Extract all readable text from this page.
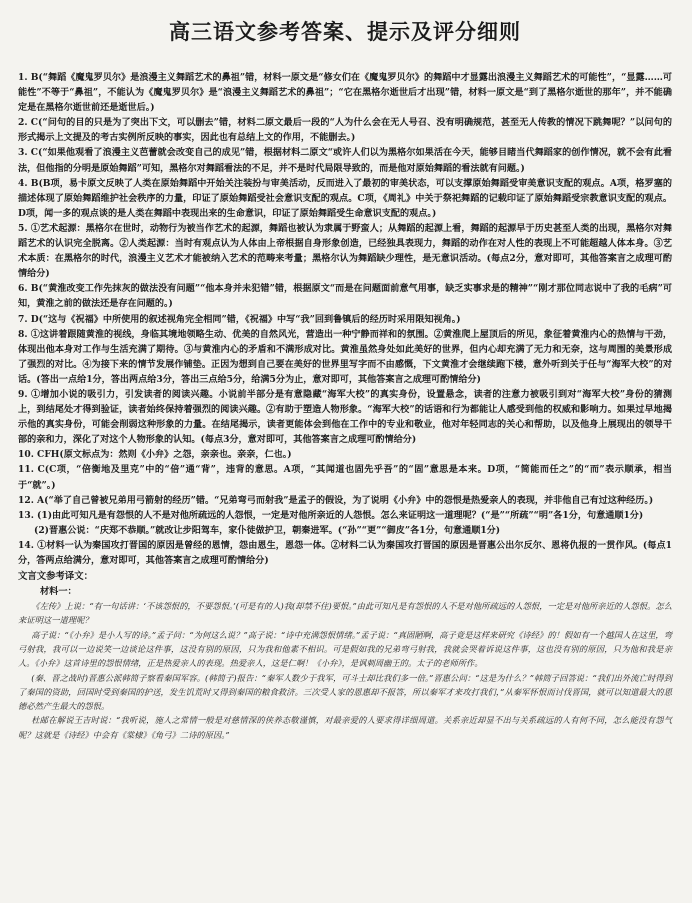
高三语文参考答案、提示及评分细则

1. B(“舞蹈《魔鬼罗贝尔》是浪漫主义舞蹈艺术的鼻祖”错，材料一原文是“修女们在《魔鬼罗贝尔》的舞蹈中才显露出浪漫主义舞蹈艺术的可能性”，“显露……可能性”不等于“鼻祖”，不能认为《魔鬼罗贝尔》是“浪漫主义舞蹈艺术的鼻祖”；“它在黑格尔逝世后才出现”错，材料一原文是“到了黑格尔逝世的那年”，并不能确定是在黑格尔逝世前还是逝世后。)

2. C(“问句的目的只是为了突出下文，可以删去”错，材料二原文最后一段的“人为什么会在无人号召、没有明确规范，甚至无人传教的情况下跳舞呢？”以问句的形式揭示上文提及的考古实例所反映的事实，因此也有总结上文的作用，不能删去。)

3. C(“如果他观看了浪漫主义芭蕾就会改变自己的成见”错，根据材料二原文“或许人们以为黑格尔如果活在今天，能够目睹当代舞蹈家的创作情况，就不会有此看法，但他指的分明是原始舞蹈”可知，黑格尔对舞蹈看法的不足，并不是时代局限导致的，而是他对原始舞蹈的看法就有问题。)

4. B(B项，易卡原文反映了人类在原始舞蹈中开始关注装扮与审美活动，反而进入了最初的审美状态，可以支撑原始舞蹈受审美意识支配的观点。A项，格罗塞的描述体现了原始舞蹈维护社会秩序的力量，印证了原始舞蹈受社会意识支配的观点。C项，《周礼》中关于祭祀舞蹈的记载印证了原始舞蹈受宗教意识支配的观点。D项，闻一多的观点谈的是人类在舞蹈中表现出来的生命意识，印证了原始舞蹈受生命意识支配的观点。)

5. ①艺术起源：黑格尔在世时，动物行为被当作艺术的起源，舞蹈也被认为隶属于野蛮人；从舞蹈的起源上看，舞蹈的起源早于历史甚至人类的出现，黑格尔对舞蹈艺术的认识完全脱离。②人类起源：当时有观点认为人体由上帝根据自身形象创造，已经独具表现力，舞蹈的动作在对人性的表现上不可能超越人体本身。③艺术本质：在黑格尔的时代，浪漫主义艺术才能被纳入艺术的范畴来考量；黑格尔认为舞蹈缺少理性，是无意识活动。(每点2分，意对即可，其他答案言之成理可酌情给分)

6. B(“黄淮改变工作先抹灰的做法没有问题”“他本身并未犯错”错，根据原文“而是在问题面前意气用事，缺乏实事求是的精神”“刚才那位同志说中了我的毛病”可知，黄淮之前的做法还是存在问题的。)

7. D(“这与《祝福》中所使用的叙述视角完全相同”错，《祝福》中写“我”回到鲁镇后的经历时采用限知视角。)

8. ①这讲着跟随黄淮的视线，身临其境地领略生动、优美的自然风光，营造出一种宁静而祥和的氛围。②黄淮爬上屋顶后的所见，象征着黄淮内心的热情与干劲，体现出他本身对工作与生活充满了期待。③与黄淮内心的矛盾和不满形成对比。黄淮虽然身处如此美好的世界，但内心却充满了无力和无奈，这与周围的美景形成了强烈的对比。④为接下来的情节发展作铺垫。正因为想到自己要在美好的世界里写字而不由感慨，下文黄淮才会继续跑下楼，意外听到关于任与“海军大校”的对话。(答出一点给1分，答出两点给3分，答出三点给5分，给满5分为止，意对即可，其他答案言之成理可酌情给分)

9. ①增加小说的吸引力，引发读者的阅读兴趣。小说前半部分是有意隐藏“海军大校”的真实身份，设置悬念，读者的注意力被吸引到对“海军大校”身份的猜测上，到结尾处才得到验证，读者始终保持着强烈的阅读兴趣。②有助于塑造人物形象。“海军大校”的话语和行为都能让人感受到他的权威和影响力。如果过早地揭示他的真实身份，可能会削弱这种形象的力量。在结尾揭示，读者更能体会到他在工作中的专业和敬业，他对年轻同志的关心和帮助，以及他身上展现出的领导干部的亲和力，深化了对这个人物形象的认知。(每点3分，意对即可，其他答案言之成理可酌情给分)

10. CFH(原文标点为：然则《小弁》之怨，亲亲也。亲亲，仁也。)

11. C(C项，“倍衡地及里克”中的“倍”通“背”，违背的意思。A项，“其闻道也固先乎吾”的“固”意思是本来。D项，“简能而任之”的“而”表示顺承，相当于“就”。)

12. A(“举了自己曾被兄弟用弓箭射的经历”错。“兄弟弯弓而射我”是孟子的假设，为了说明《小弁》中的怨恨是热爱亲人的表现，并非他自己有过这种经历。)

13. (1)由此可知凡是有怨恨的人不是对他所疏远的人怨恨，一定是对他所亲近的人怨恨。怎么来证明这一道理呢？(“是”“所疏”“明”各1分，句意通顺1分)

(2)晋惠公说：“庆郑不恭顺。”就改让步阳驾车，家仆徒做护卫，朝秦进军。(“孙”“更”“御皮”各1分，句意通顺1分)

14. ①材料一认为秦国攻打晋国的原因是曾经的恩情，怨由恩生，恩怨一体。②材料二认为秦国攻打晋国的原因是晋惠公出尔反尔、恩将仇报的一贯作风。(每点1分，答两点给满分，意对即可，其他答案言之成理可酌情给分)

文言文参考译文：
材料一：

《左传》上说：“有一句话讲：‘不该怨恨的，不要怨恨。’(可是有的人)我(却禁不住)要恨。”由此可知凡是有怨恨的人不是对他所疏远的人怨恨，一定是对他所亲近的人怨恨。怎么来证明这一道理呢？

高子说：“《小弁》是小人写的诗。”孟子问：“为何这么说？”高子说：“诗中充满怨恨情绪。”孟子说：“真固陋啊，高子竟是这样来研究《诗经》的！假如有一个越国人在这里，弯弓射我，我可以一边说笑一边谈论这件事，这没有别的原因，只为我和他素不相识。可是假如我的兄弟弯弓射我，我就会哭着诉说这件事，这也没有别的原因，只为他和我是亲人。《小弁》这首诗里的怨恨情绪，正是热爱亲人的表现。热爱亲人，这是仁啊！《小弁》，是讽刺周幽王的。太子的老师所作。

(秦、晋之战时)晋惠公派韩简子察看秦国军容。(韩简子)报告：“秦军人数少于我军，可斗士却比我们多一倍。”晋惠公问：“这是为什么？”韩简子回答说：“我们出外流亡时得到了秦国的资助，回国时受到秦国的护送，发生饥荒时又得到秦国的粮食救济。三次受人家的恩惠却不报答，所以秦军才来攻打我们，”从秦军怀恨而讨伐晋国，就可以知道最大的恩德必然产生最大的怨恨。

杜邮在解说王吉时说：“我听说，施人之常情一般是对慈情深的侠养态敬谨慎，对最亲爱的人要求得详细周道。关系亲近却显不出与关系疏远的人有何不同，怎么能没有怨气呢？这就是《诗经》中会有《棠棣》《角弓》二诗的原因。”
